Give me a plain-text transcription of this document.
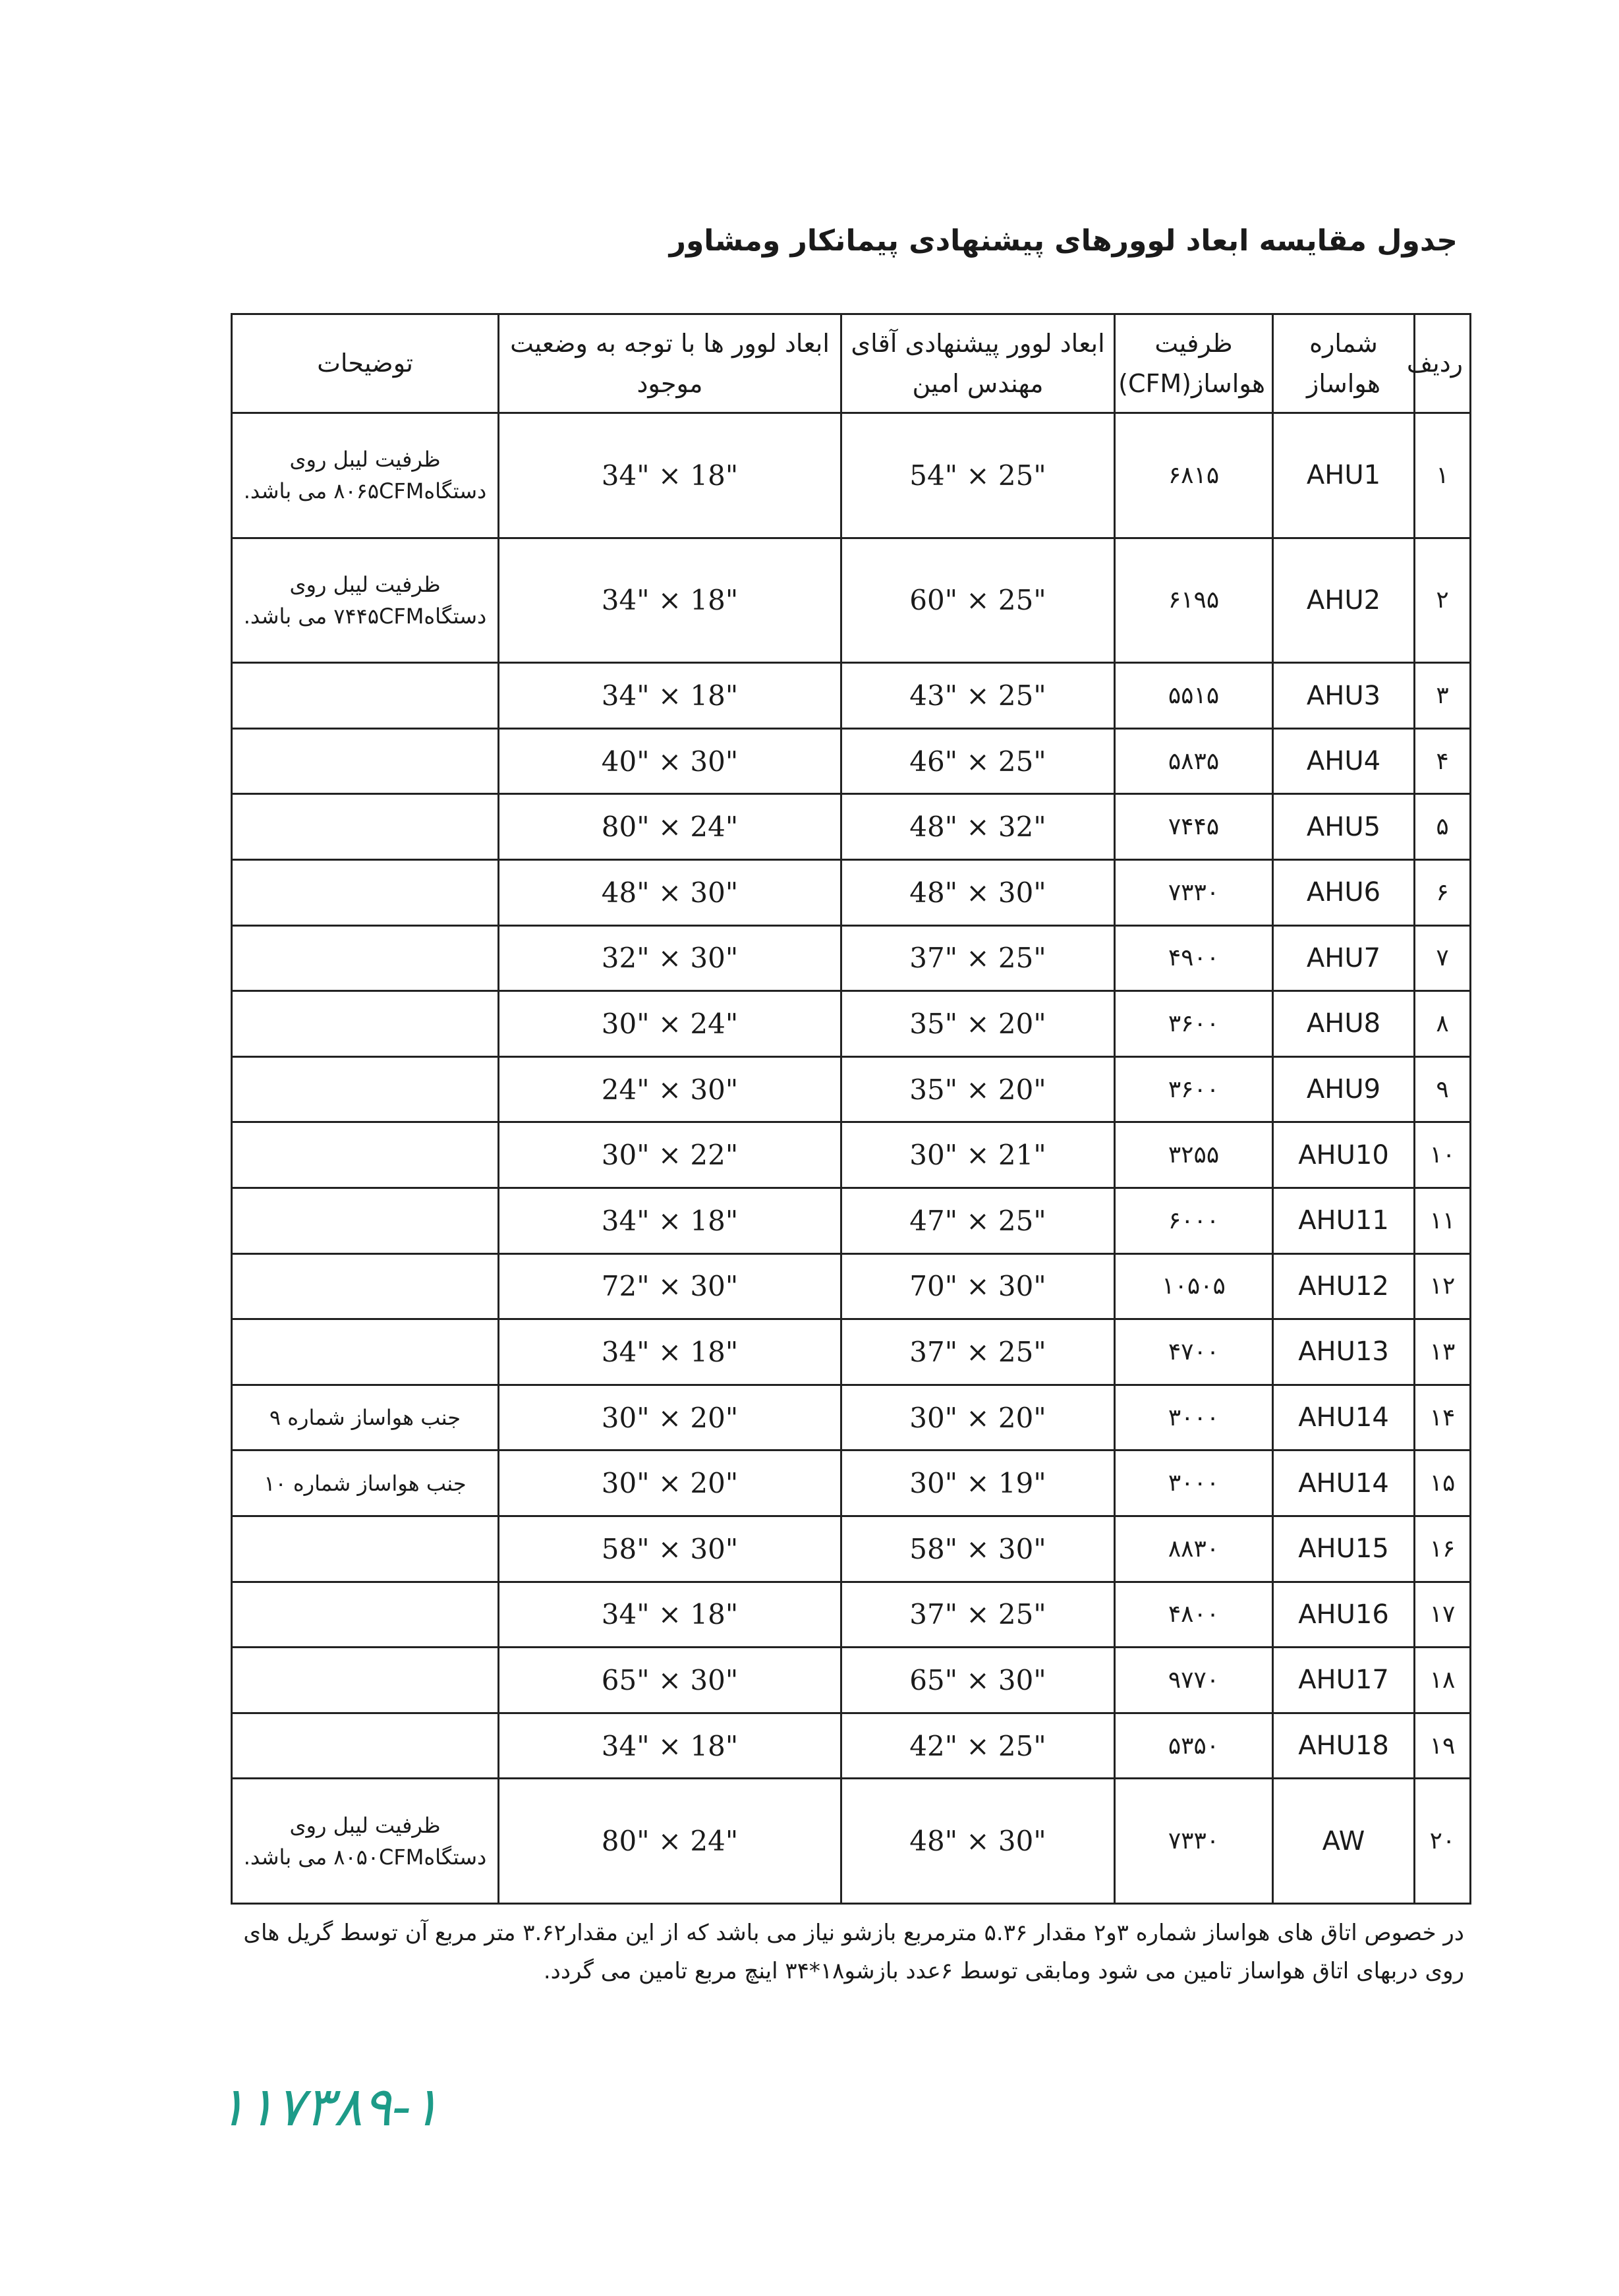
جدول مقایسه ابعاد لوورهای پیشنهادی پیمانکار ومشاور
ردیف	شماره هواساز	ظرفیت هواساز(CFM)	ابعاد لوور پیشنهادی آقای مهندس امین	ابعاد لوور ها با توجه به وضعیت موجود	توضیحات
۱	AHU1	۶۸۱۵	54" × 25"	34" × 18"	ظرفیت لیبل روی دستگاه۸۰۶۵CFM می باشد.
۲	AHU2	۶۱۹۵	60" × 25"	34" × 18"	ظرفیت لیبل روی دستگاه۷۴۴۵CFM می باشد.
۳	AHU3	۵۵۱۵	43" × 25"	34" × 18"	
۴	AHU4	۵۸۳۵	46" × 25"	40" × 30"	
۵	AHU5	۷۴۴۵	48" × 32"	80" × 24"	
۶	AHU6	۷۳۳۰	48" × 30"	48" × 30"	
۷	AHU7	۴۹۰۰	37" × 25"	32" × 30"	
۸	AHU8	۳۶۰۰	35" × 20"	30" × 24"	
۹	AHU9	۳۶۰۰	35" × 20"	24" × 30"	
۱۰	AHU10	۳۲۵۵	30" × 21"	30" × 22"	
۱۱	AHU11	۶۰۰۰	47" × 25"	34" × 18"	
۱۲	AHU12	۱۰۵۰۵	70" × 30"	72" × 30"	
۱۳	AHU13	۴۷۰۰	37" × 25"	34" × 18"	
۱۴	AHU14	۳۰۰۰	30" × 20"	30" × 20"	جنب هواساز شماره ۹
۱۵	AHU14	۳۰۰۰	30" × 19"	30" × 20"	جنب هواساز شماره ۱۰
۱۶	AHU15	۸۸۳۰	58" × 30"	58" × 30"	
۱۷	AHU16	۴۸۰۰	37" × 25"	34" × 18"	
۱۸	AHU17	۹۷۷۰	65" × 30"	65" × 30"	
۱۹	AHU18	۵۳۵۰	42" × 25"	34" × 18"	
۲۰	AW	۷۳۳۰	48" × 30"	80" × 24"	ظرفیت لیبل روی دستگاه۸۰۵۰CFM می باشد.
در خصوص اتاق های هواساز شماره ۳و۲ مقدار ۵.۳۶ مترمربع بازشو نیاز می باشد که از این مقدار۳.۶۲ متر مربع آن توسط گریل های روی دربهای اتاق هواساز تامین می شود ومابقی توسط ۶عدد بازشو۱۸*۳۴ اینچ مربع تامین می گردد.
۱۱۷۳۸۹-۱
